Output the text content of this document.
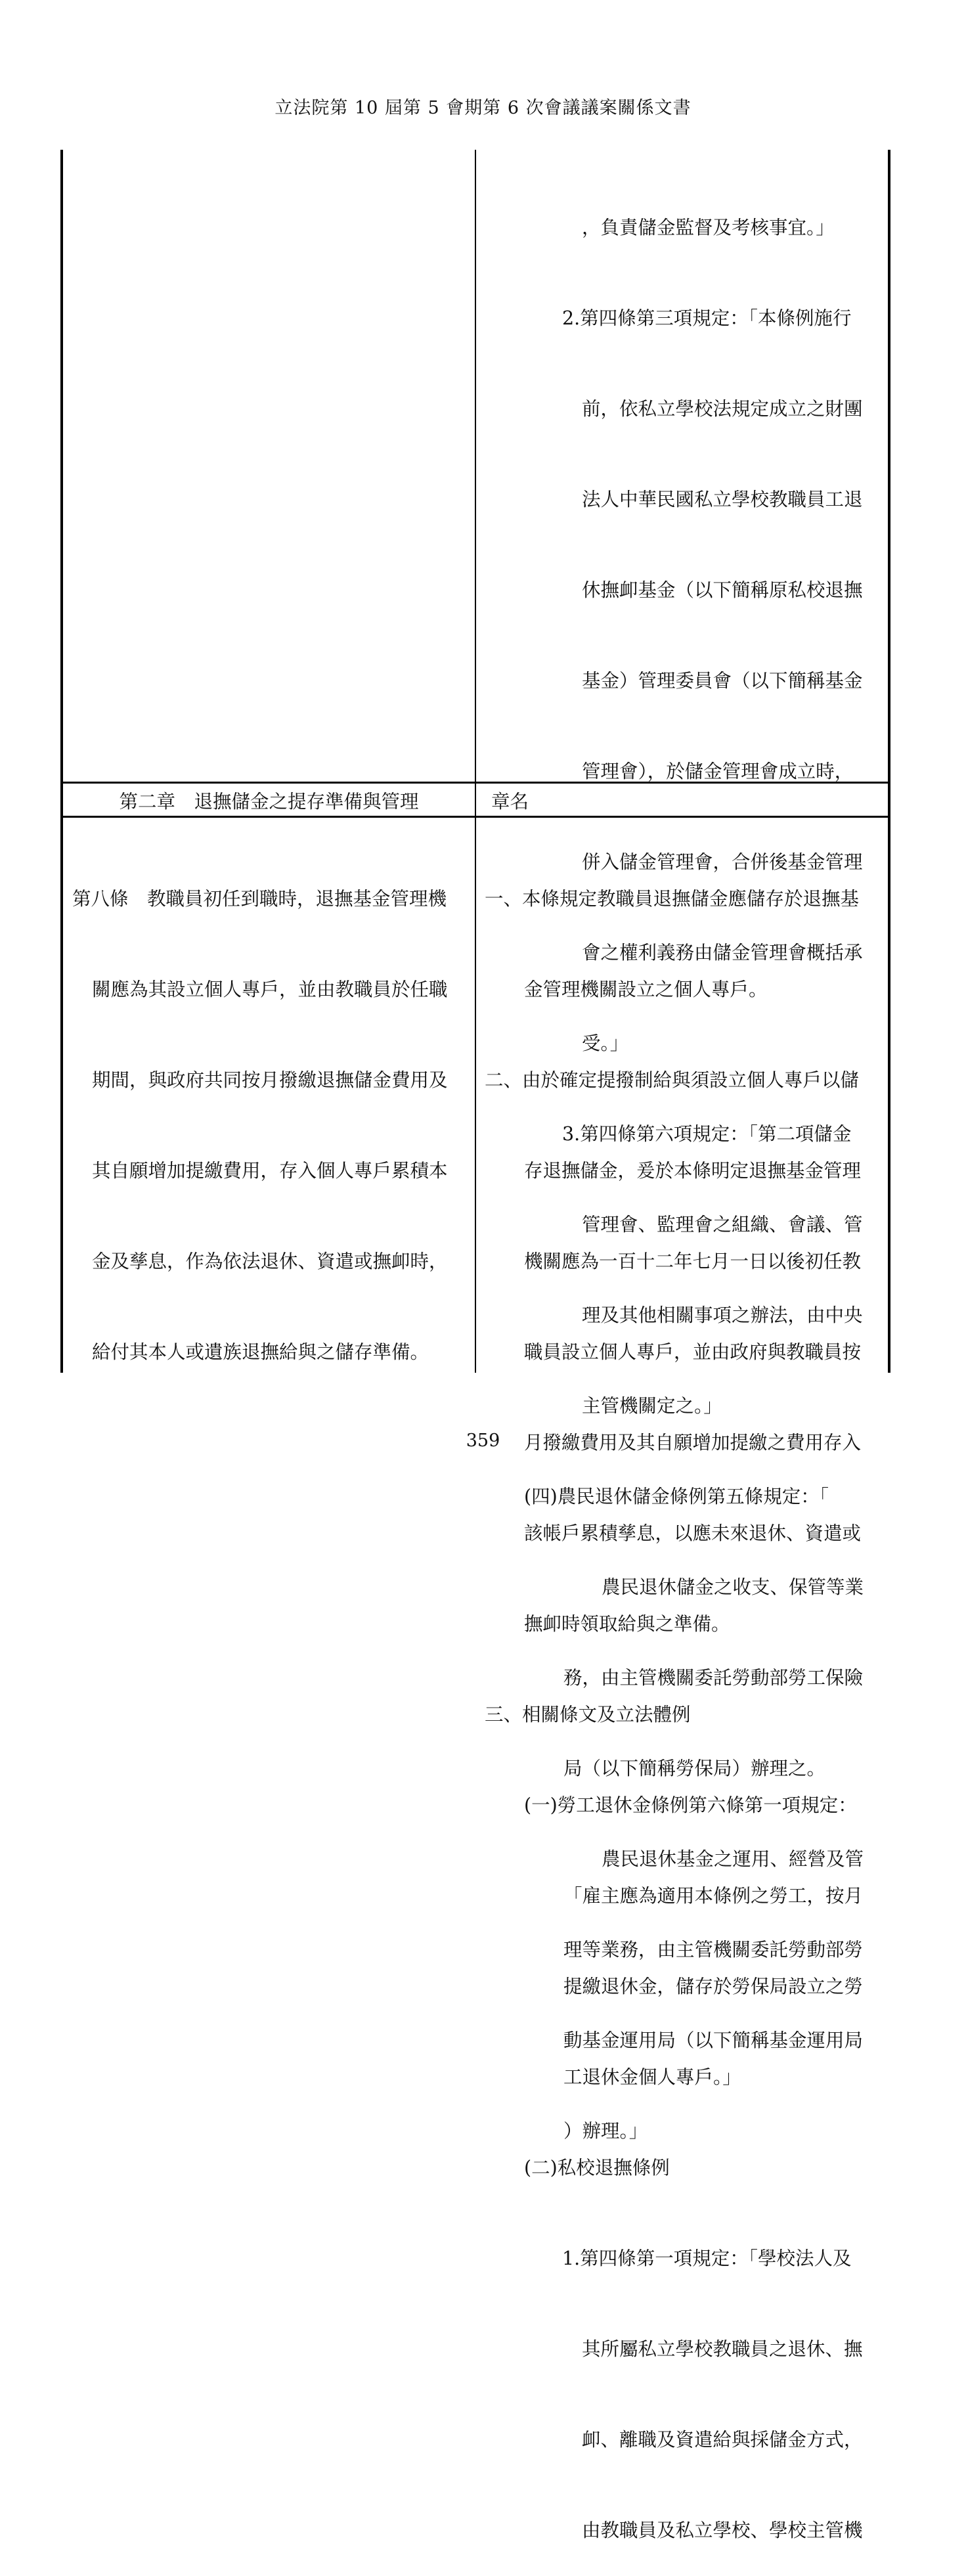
立法院第 10 屆第 5 會期第 6 次會議議案關係文書

，負責儲金監督及考核事宜。」

2.第四條第三項規定：「本條例施行

前，依私立學校法規定成立之財團

法人中華民國私立學校教職員工退

休撫卹基金（以下簡稱原私校退撫

基金）管理委員會（以下簡稱基金

管理會），於儲金管理會成立時，

併入儲金管理會，合併後基金管理

會之權利義務由儲金管理會概括承

受。」

3.第四條第六項規定：「第二項儲金

管理會、監理會之組織、會議、管

理及其他相關事項之辦法，由中央

主管機關定之。」

(四)農民退休儲金條例第五條規定：「

農民退休儲金之收支、保管等業

務，由主管機關委託勞動部勞工保險

局（以下簡稱勞保局）辦理之。

農民退休基金之運用、經營及管

理等業務，由主管機關委託勞動部勞

動基金運用局（以下簡稱基金運用局

）辦理。」

第二章　退撫儲金之提存準備與管理	章名

第八條　教職員初任到職時，退撫基金管理機

關應為其設立個人專戶，並由教職員於任職

期間，與政府共同按月撥繳退撫儲金費用及

其自願增加提繳費用，存入個人專戶累積本

金及孳息，作為依法退休、資遣或撫卹時，

給付其本人或遺族退撫給與之儲存準備。

一、本條規定教職員退撫儲金應儲存於退撫基

金管理機關設立之個人專戶。

二、由於確定提撥制給與須設立個人專戶以儲

存退撫儲金，爰於本條明定退撫基金管理

機關應為一百十二年七月一日以後初任教

職員設立個人專戶，並由政府與教職員按

月撥繳費用及其自願增加提繳之費用存入

該帳戶累積孳息，以應未來退休、資遣或

撫卹時領取給與之準備。

三、相關條文及立法體例

(一)勞工退休金條例第六條第一項規定：

「雇主應為適用本條例之勞工，按月

提繳退休金，儲存於勞保局設立之勞

工退休金個人專戶。」

(二)私校退撫條例

1.第四條第一項規定：「學校法人及

其所屬私立學校教職員之退休、撫

卹、離職及資遣給與採儲金方式，

由教職員及私立學校、學校主管機

359
